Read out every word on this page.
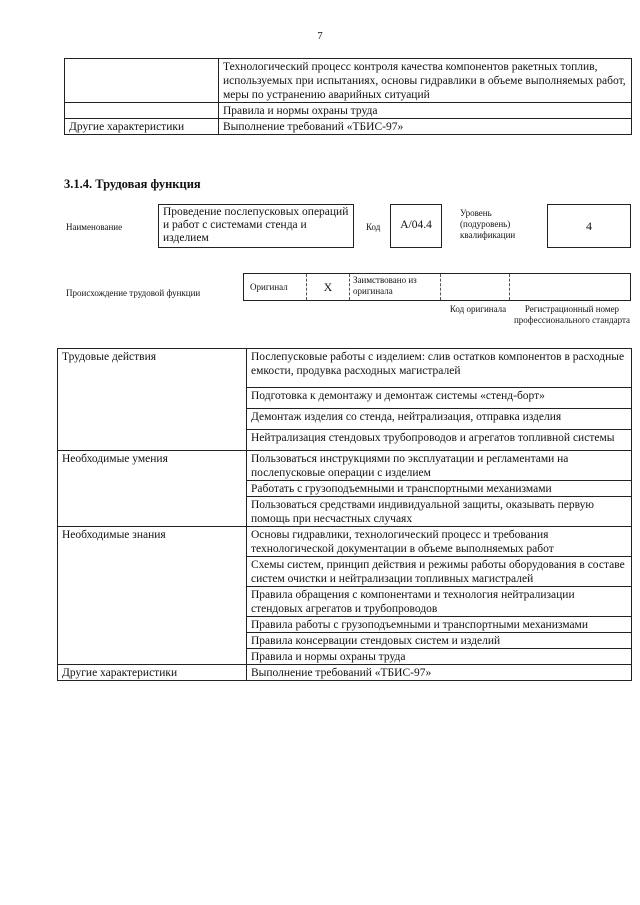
7
	Технологический процесс контроля качества компонентов ракетных топлив, используемых при испытаниях, основы гидравлики в объеме выполняемых работ, меры по устранению аварийных ситуаций
	Правила и нормы охраны труда
Другие характеристики	Выполнение требований «ТБИС-97»
3.1.4. Трудовая функция
Наименование
Проведение послепусковых операций и работ с системами стенда и изделием
Код	А/04.4
Уровень (подуровень) квалификации
4
Происхождение трудовой функции
Оригинал	X	Заимствовано из оригинала
Код оригинала	Регистрационный номер профессионального стандарта
Трудовые действия	Послепусковые работы с изделием: слив остатков компонентов в расходные емкости, продувка расходных магистралей
	Подготовка к демонтажу и демонтаж системы «стенд-борт»
	Демонтаж изделия со стенда, нейтрализация, отправка изделия
	Нейтрализация стендовых трубопроводов и агрегатов топливной системы
Необходимые умения	Пользоваться инструкциями по эксплуатации и регламентами на послепусковые операции с изделием
	Работать с грузоподъемными и транспортными механизмами
	Пользоваться средствами индивидуальной защиты, оказывать первую помощь при несчастных случаях
Необходимые знания	Основы гидравлики, технологический процесс и требования технологической документации в объеме выполняемых работ
	Схемы систем, принцип действия и режимы работы оборудования в составе систем очистки и нейтрализации топливных магистралей
	Правила обращения с компонентами и технология нейтрализации стендовых агрегатов и трубопроводов
	Правила работы с грузоподъемными и транспортными механизмами
	Правила консервации стендовых систем и изделий
	Правила и нормы охраны труда
Другие характеристики	Выполнение требований «ТБИС-97»
